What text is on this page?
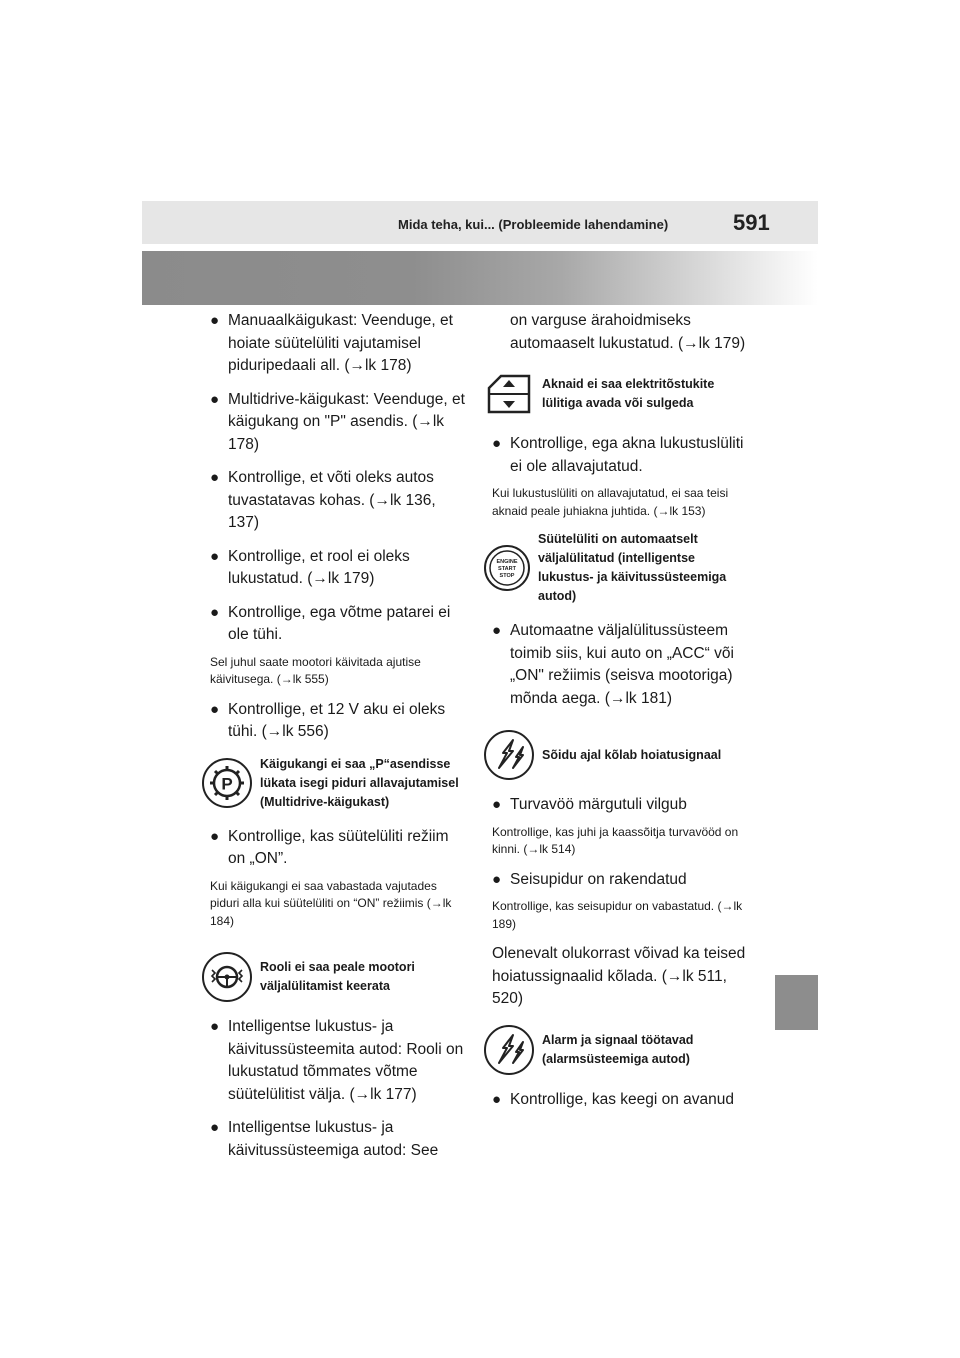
Mida teha, kui... (Probleemide lahendamine)	591
● Manuaalkäigukast: Veenduge, et hoiate süütelüliti vajutamisel piduripedaali all. (→lk 178)
● Multidrive-käigukast: Veenduge, et käigukang on "P" asendis. (→lk 178)
● Kontrollige, et võti oleks autos tuvastatavas kohas. (→lk 136, 137)
● Kontrollige, et rool ei oleks lukustatud. (→lk 179)
● Kontrollige, ega võtme patarei ei ole tühi.
Sel juhul saate mootori käivitada ajutise käivitusega. (→lk 555)
● Kontrollige, et 12 V aku ei oleks tühi. (→lk 556)
P
Käigukangi ei saa „P“asendisse lükata isegi piduri allavajutamisel (Multidrive-käigukast)
● Kontrollige, kas süütelüliti režiim on „ON”.
Kui käigukangi ei saa vabastada vajutades piduri alla kui süütelüliti on “ON” režiimis (→lk 184)
Rooli ei saa peale mootori väljalülitamist keerata
● Intelligentse lukustus- ja käivitussüsteemita autod: Rooli on lukustatud tõmmates võtme süütelülitist välja. (→lk 177)
● Intelligentse lukustus- ja käivitussüsteemiga autod: See
on varguse ärahoidmiseks automaaselt lukustatud. (→lk 179)
Aknaid ei saa elektritõstukite lülitiga avada või sulgeda
● Kontrollige, ega akna lukustuslüliti ei ole allavajutatud.
Kui lukustuslüliti on allavajutatud, ei saa teisi aknaid peale juhiakna juhtida. (→lk 153)
ENGINE
START
STOP
Süütelüliti on automaatselt väljalülitatud (intelligentse lukustus- ja käivitussüsteemiga autod)
● Automaatne väljalülitussüsteem toimib siis, kui auto on „ACC“ või „ON" režiimis (seisva mootoriga) mõnda aega. (→lk 181)
Sõidu ajal kõlab hoiatusignaal
● Turvavöö märgutuli vilgub
Kontrollige, kas juhi ja kaassõitja turvavööd on kinni. (→lk 514)
● Seisupidur on rakendatud
Kontrollige, kas seisupidur on vabastatud. (→lk 189)
Olenevalt olukorrast võivad ka teised hoiatussignaalid kõlada. (→lk 511, 520)
Alarm ja signaal töötavad (alarmsüsteemiga autod)
● Kontrollige, kas keegi on avanud
